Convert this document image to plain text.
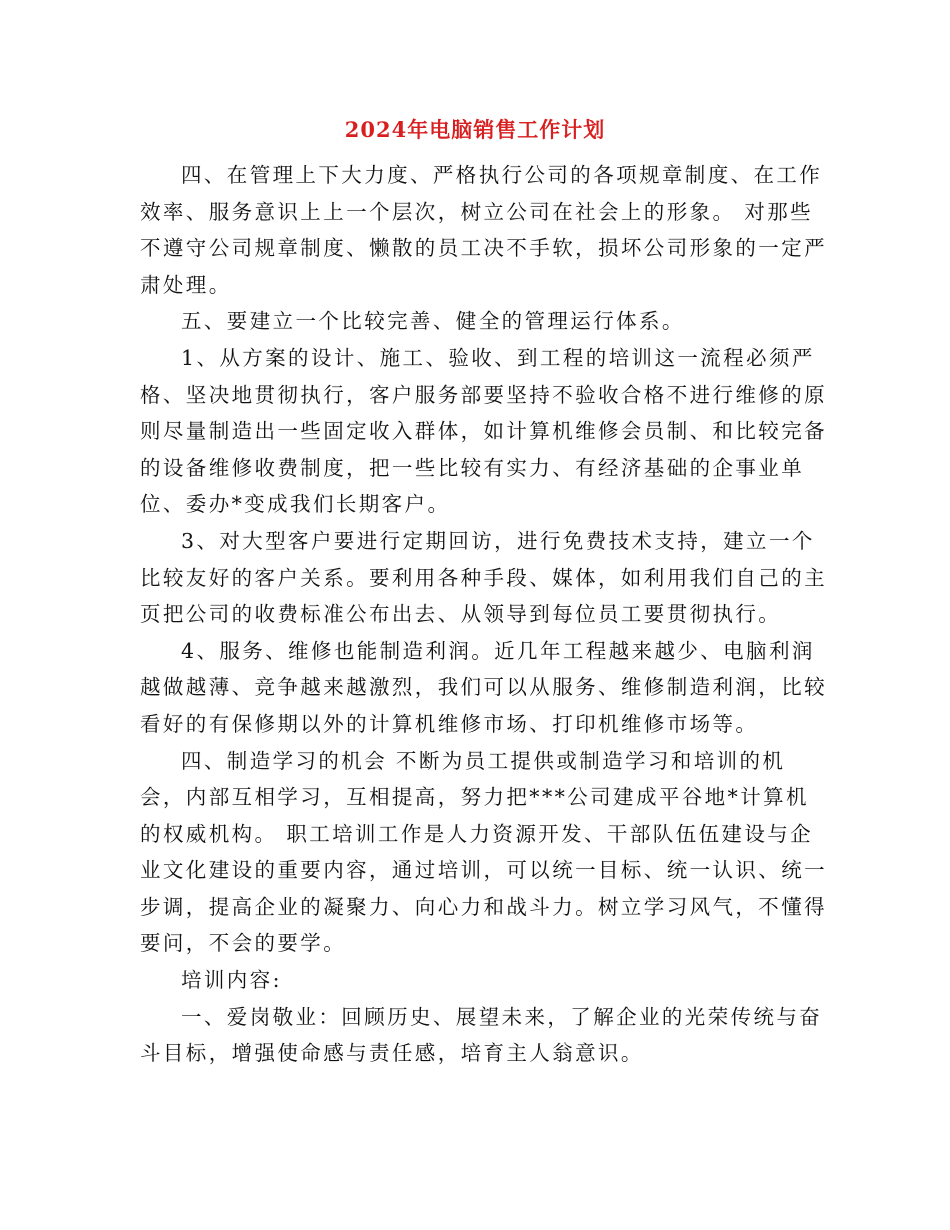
2024年电脑销售工作计划

四、在管理上下大力度、严格执行公司的各项规章制度、在工作效率、服务意识上上一个层次，树立公司在社会上的形象。 对那些不遵守公司规章制度、懒散的员工决不手软，损坏公司形象的一定严肃处理。

五、要建立一个比较完善、健全的管理运行体系。

1、从方案的设计、施工、验收、到工程的培训这一流程必须严格、坚决地贯彻执行，客户服务部要坚持不验收合格不进行维修的原则尽量制造出一些固定收入群体，如计算机维修会员制、和比较完备的设备维修收费制度，把一些比较有实力、有经济基础的企事业单位、委办*变成我们长期客户。

3、对大型客户要进行定期回访，进行免费技术支持，建立一个比较友好的客户关系。要利用各种手段、媒体，如利用我们自己的主页把公司的收费标准公布出去、从领导到每位员工要贯彻执行。

4、服务、维修也能制造利润。近几年工程越来越少、电脑利润越做越薄、竞争越来越激烈，我们可以从服务、维修制造利润，比较看好的有保修期以外的计算机维修市场、打印机维修市场等。

四、制造学习的机会 不断为员工提供或制造学习和培训的机会，内部互相学习，互相提高，努力把***公司建成平谷地*计算机的权威机构。 职工培训工作是人力资源开发、干部队伍伍建设与企业文化建设的重要内容，通过培训，可以统一目标、统一认识、统一步调，提高企业的凝聚力、向心力和战斗力。树立学习风气，不懂得要问，不会的要学。

培训内容:

一、爱岗敬业：回顾历史、展望未来，了解企业的光荣传统与奋斗目标，增强使命感与责任感，培育主人翁意识。
